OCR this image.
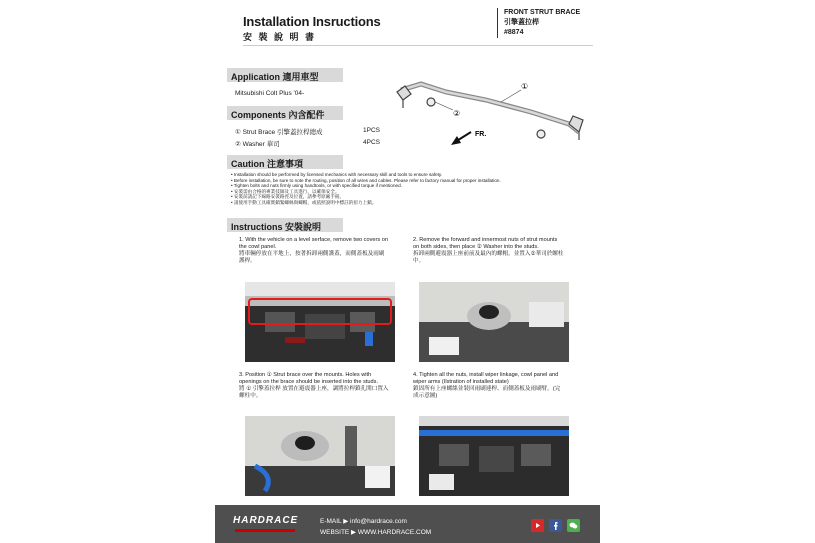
Installation Insructions
安 裝 說 明 書
FRONT STRUT BRACE
引擎蓋拉桿
#8874
Application 適用車型
Mitsubishi Colt Plus '04-
Components 內含配件
① Strut Brace 引擎蓋拉桿總成	1PCS
② Washer 華司	4PCS
①
②
FR.
Caution 注意事項
• Installation should be performed by licensed mechanics with necessary skill and tools to ensure safety.
• Before installation, be sure to note the routing, position of all wires and cables. Please refer to factory manual for proper installation.
• Tighten bolts and nuts firmly using handtools, or with specified torque if mentioned.
• 安裝需由合格的專業技師及工具進行，以確保安全。
• 安裝前請記下線路安裝路徑及位置，請參考原廠手冊。
• 請使用手動工具確實鎖緊螺絲與螺帽，或依照說明中標註的扭力上鎖。
Instructions 安裝說明
1. With the vehicle on a level serface, remove two covers on the cowl panel.
將車輛停放在平地上，按著拆卸兩側護蓋，而側蓋板及雨刷護桿。
2. Remove the forward and innermost nuts of strut mounts on both sides, then place ② Washer into the studs.
拆卸兩側避震器上座前前及最內的螺帽，並置入②華司於螺柱中。
3. Position ① Strut brace over the mounts. Holes with openings on the brace should be inserted into the studs.
將 ① 引擎蓋拉桿 放置在避震器上座，調將拉桿鎖孔開口置入螺柱中。
4. Tighten all the nuts, install wiper linkage, cowl panel and wiper arms (Ilstration of installed state)
鎖固所有上座螺絲並裝回雨刷連桿、而側蓋板及雨刷臂。(完成示意圖)
HARDRACE	E-MAIL ▶ info@hardrace.com
WEBSITE ▶ WWW.HARDRACE.COM
